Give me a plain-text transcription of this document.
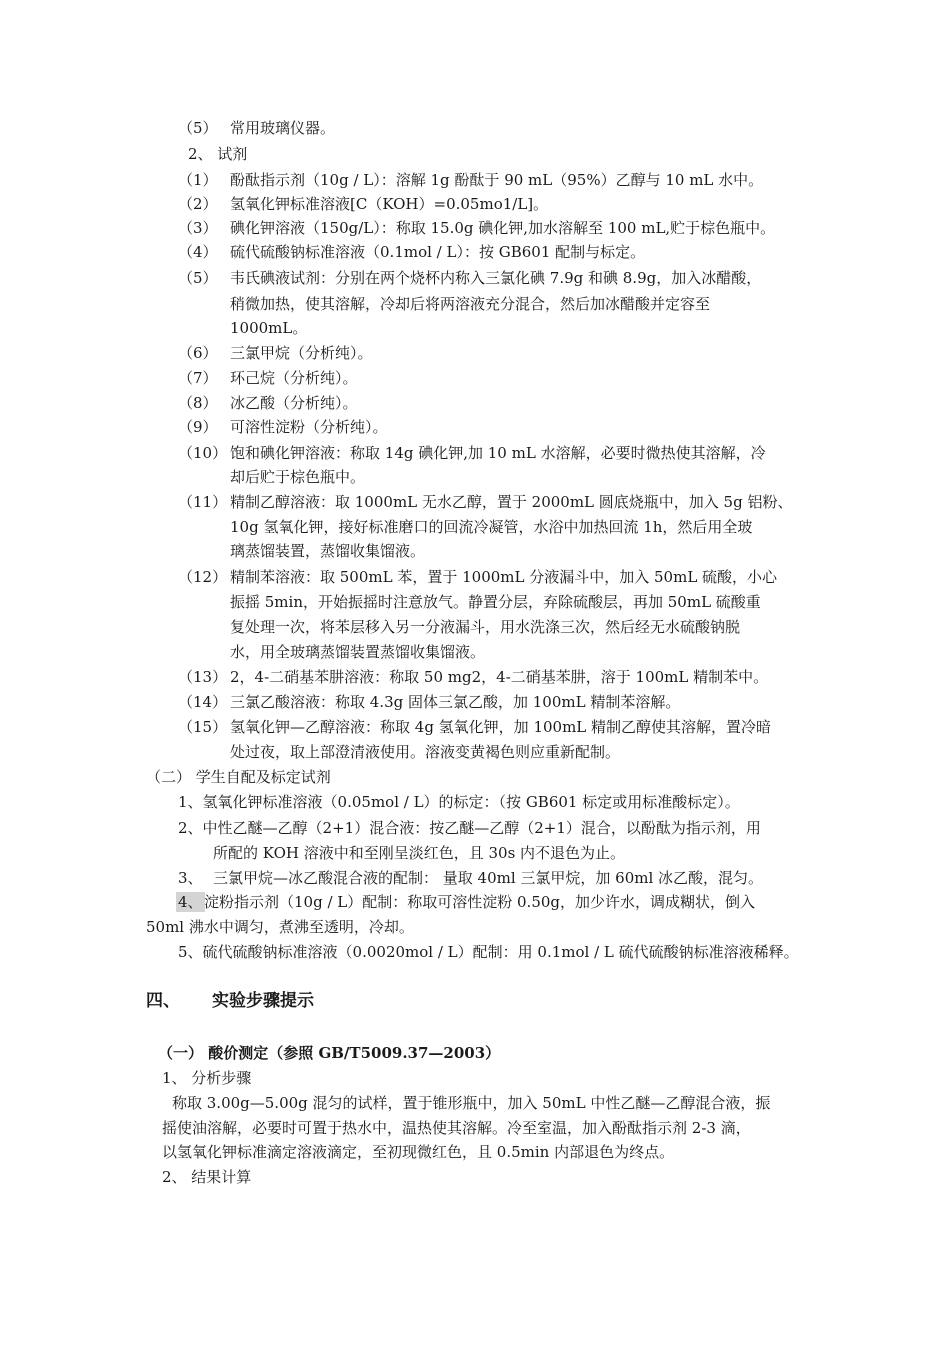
（5） 常用玻璃仪器。
2、 试剂
（1） 酚酞指示剂（10g / L）：溶解 1g 酚酞于 90 mL（95%）乙醇与 10 mL 水中。
（2） 氢氧化钾标准溶液[C（KOH）=0.05mo1/L]。
（3） 碘化钾溶液（150g/L）：称取 15.0g 碘化钾,加水溶解至 100 mL,贮于棕色瓶中。
（4） 硫代硫酸钠标准溶液（0.1mol / L）：按 GB601 配制与标定。
（5） 韦氏碘液试剂：分别在两个烧杯内称入三氯化碘 7.9g 和碘 8.9g，加入冰醋酸，
稍微加热，使其溶解，冷却后将两溶液充分混合，然后加冰醋酸并定容至
1000mL。
（6） 三氯甲烷（分析纯）。
（7） 环己烷（分析纯）。
（8） 冰乙酸（分析纯）。
（9） 可溶性淀粉（分析纯）。
（10） 饱和碘化钾溶液：称取 14g 碘化钾,加 10 mL 水溶解，必要时微热使其溶解，冷
却后贮于棕色瓶中。
（11） 精制乙醇溶液：取 1000mL 无水乙醇，置于 2000mL 圆底烧瓶中，加入 5g 铝粉、
10g 氢氧化钾，接好标准磨口的回流冷凝管，水浴中加热回流 1h，然后用全玻
璃蒸馏装置，蒸馏收集馏液。
（12） 精制苯溶液：取 500mL 苯，置于 1000mL 分液漏斗中，加入 50mL 硫酸，小心
振摇 5min，开始振摇时注意放气。静置分层，弃除硫酸层，再加 50mL 硫酸重
复处理一次，将苯层移入另一分液漏斗，用水洗涤三次，然后经无水硫酸钠脱
水，用全玻璃蒸馏装置蒸馏收集馏液。
（13） 2，4-二硝基苯肼溶液：称取 50 mg2，4-二硝基苯肼，溶于 100mL 精制苯中。
（14） 三氯乙酸溶液：称取 4.3g 固体三氯乙酸，加 100mL 精制苯溶解。
（15） 氢氧化钾—乙醇溶液：称取 4g 氢氧化钾，加 100mL 精制乙醇使其溶解，置冷暗
处过夜，取上部澄清液使用。溶液变黄褐色则应重新配制。
（二） 学生自配及标定试剂
1、氢氧化钾标准溶液（0.05mol / L）的标定：（按 GB601 标定或用标准酸标定）。
2、中性乙醚—乙醇（2+1）混合液：按乙醚—乙醇（2+1）混合，以酚酞为指示剂，用
所配的 KOH 溶液中和至刚呈淡红色，且 30s 内不退色为止。
3、 三氯甲烷—冰乙酸混合液的配制： 量取 40ml 三氯甲烷，加 60ml 冰乙酸，混匀。
4、 淀粉指示剂（10g / L）配制：称取可溶性淀粉 0.50g，加少许水，调成糊状，倒入
50ml 沸水中调匀，煮沸至透明，冷却。
5、硫代硫酸钠标准溶液（0.0020mol / L）配制：用 0.1mol / L 硫代硫酸钠标准溶液稀释。
四、 实验步骤提示
（一） 酸价测定（参照 GB/T5009.37—2003）
1、 分析步骤
称取 3.00g—5.00g 混匀的试样，置于锥形瓶中，加入 50mL 中性乙醚—乙醇混合液，振
摇使油溶解，必要时可置于热水中，温热使其溶解。冷至室温，加入酚酞指示剂 2-3 滴，
以氢氧化钾标准滴定溶液滴定，至初现微红色，且 0.5min 内部退色为终点。
2、 结果计算
